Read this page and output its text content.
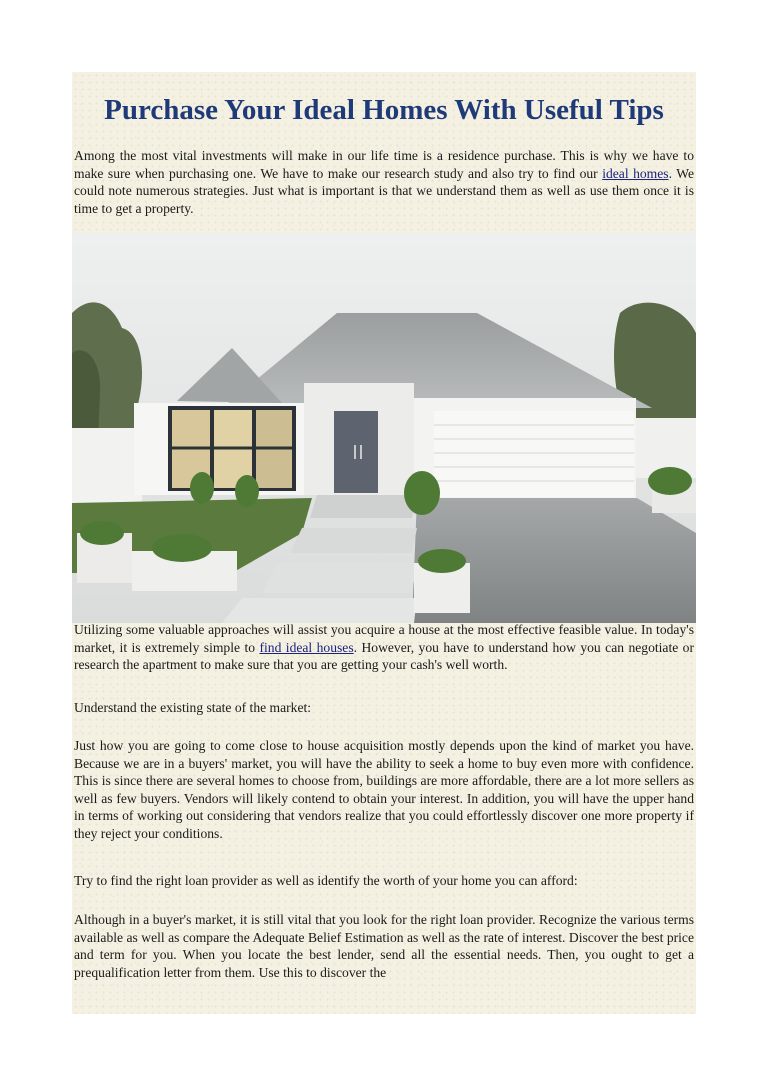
Purchase Your Ideal Homes With Useful Tips

Among the most vital investments will make in our life time is a residence purchase. This is why we have to make sure when purchasing one. We have to make our research study and also try to find our ideal homes. We could note numerous strategies. Just what is important is that we understand them as well as use them once it is time to get a property.

Utilizing some valuable approaches will assist you acquire a house at the most effective feasible value. In today's market, it is extremely simple to find ideal houses. However, you have to understand how you can negotiate or research the apartment to make sure that you are getting your cash's well worth.

Understand the existing state of the market:

Just how you are going to come close to house acquisition mostly depends upon the kind of market you have. Because we are in a buyers' market, you will have the ability to seek a home to buy even more with confidence. This is since there are several homes to choose from, buildings are more affordable, there are a lot more sellers as well as few buyers. Vendors will likely contend to obtain your interest. In addition, you will have the upper hand in terms of working out considering that vendors realize that you could effortlessly discover one more property if they reject your conditions.

Try to find the right loan provider as well as identify the worth of your home you can afford:

Although in a buyer's market, it is still vital that you look for the right loan provider. Recognize the various terms available as well as compare the Adequate Belief Estimation as well as the rate of interest. Discover the best price and term for you. When you locate the best lender, send all the essential needs. Then, you ought to get a prequalification letter from them. Use this to discover the
